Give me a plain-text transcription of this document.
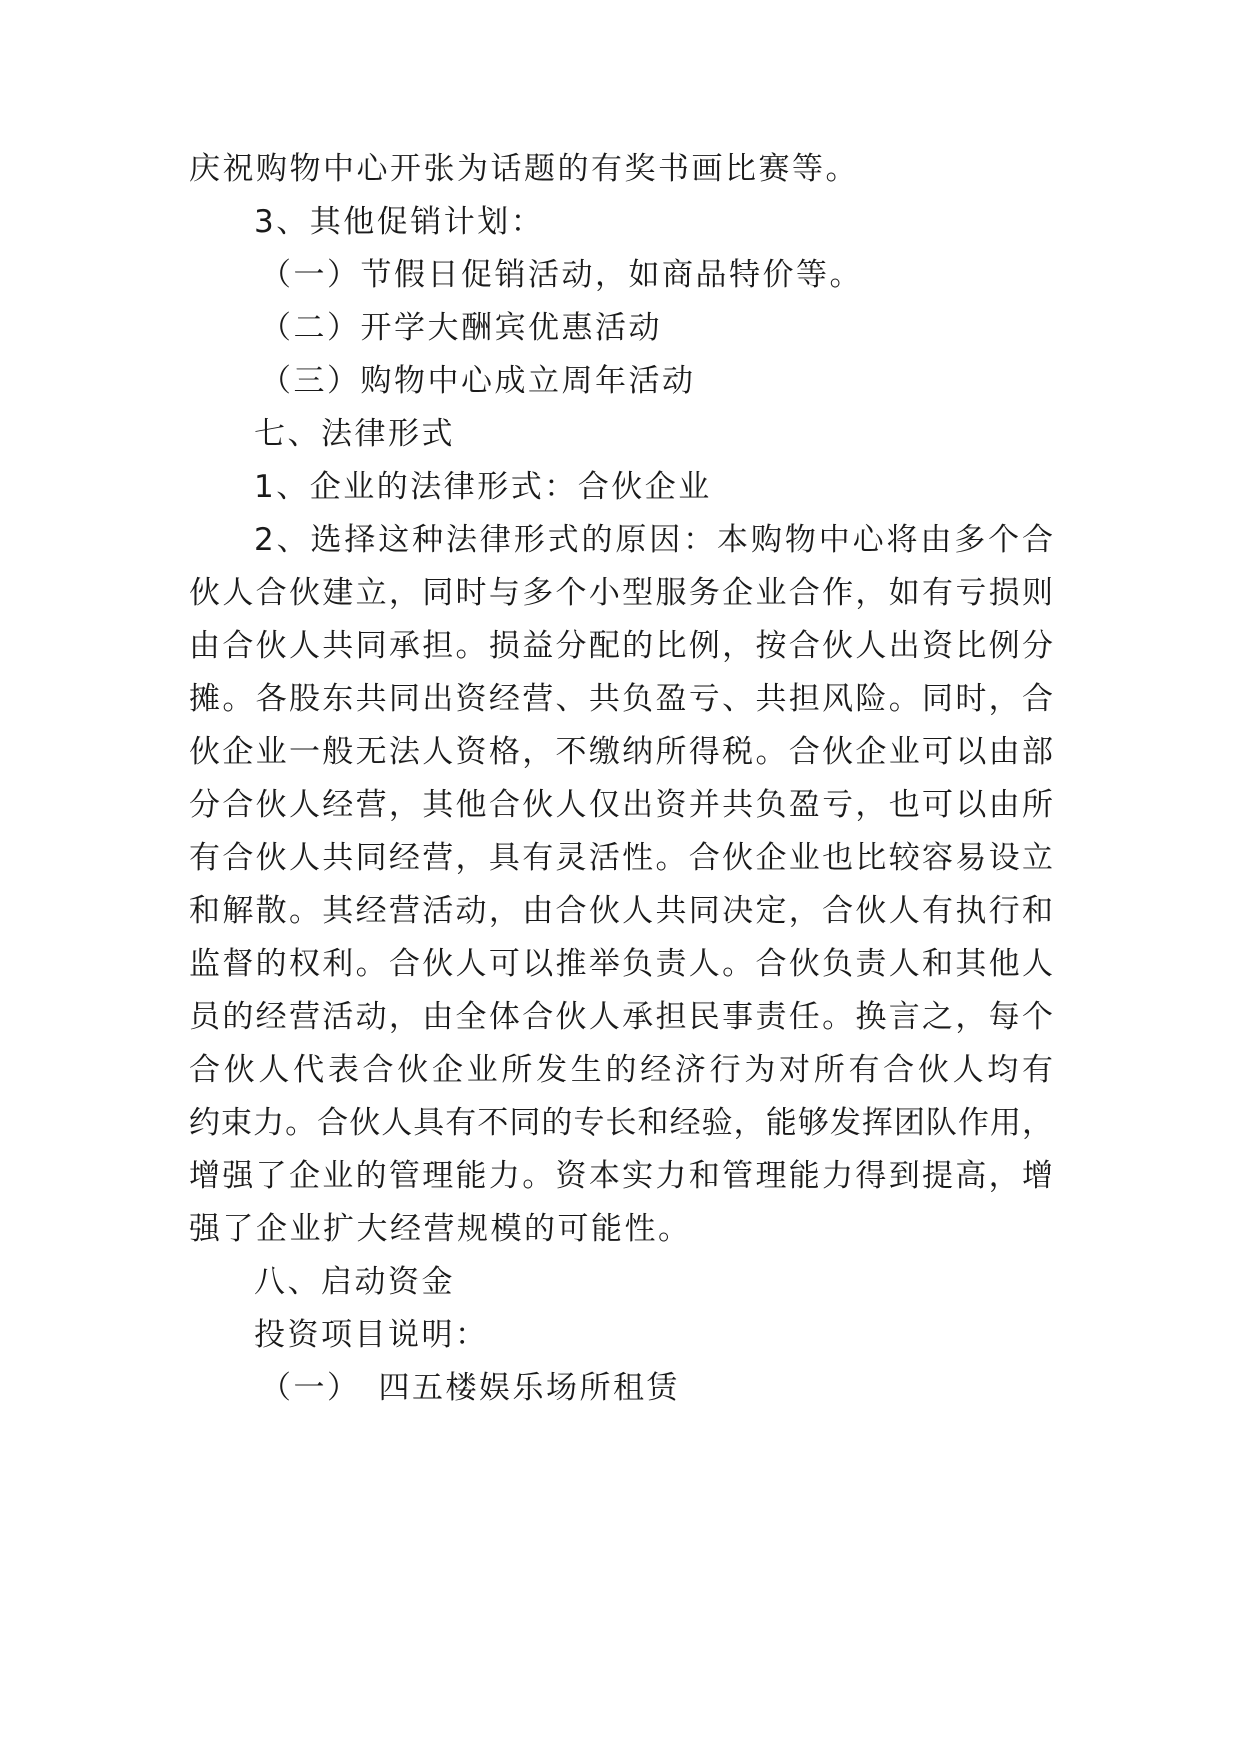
庆祝购物中心开张为话题的有奖书画比赛等。
3、其他促销计划：
（一）节假日促销活动，如商品特价等。
（二）开学大酬宾优惠活动
（三）购物中心成立周年活动
七、法律形式
1、企业的法律形式：合伙企业
2、选择这种法律形式的原因：本购物中心将由多个合
伙人合伙建立，同时与多个小型服务企业合作，如有亏损则
由合伙人共同承担。损益分配的比例，按合伙人出资比例分
摊。各股东共同出资经营、共负盈亏、共担风险。同时，合
伙企业一般无法人资格，不缴纳所得税。合伙企业可以由部
分合伙人经营，其他合伙人仅出资并共负盈亏，也可以由所
有合伙人共同经营，具有灵活性。合伙企业也比较容易设立
和解散。其经营活动，由合伙人共同决定，合伙人有执行和
监督的权利。合伙人可以推举负责人。合伙负责人和其他人
员的经营活动，由全体合伙人承担民事责任。换言之，每个
合伙人代表合伙企业所发生的经济行为对所有合伙人均有
约束力。合伙人具有不同的专长和经验，能够发挥团队作用，
增强了企业的管理能力。资本实力和管理能力得到提高，增
强了企业扩大经营规模的可能性。
八、启动资金
投资项目说明：
（一）　四五楼娱乐场所租赁
